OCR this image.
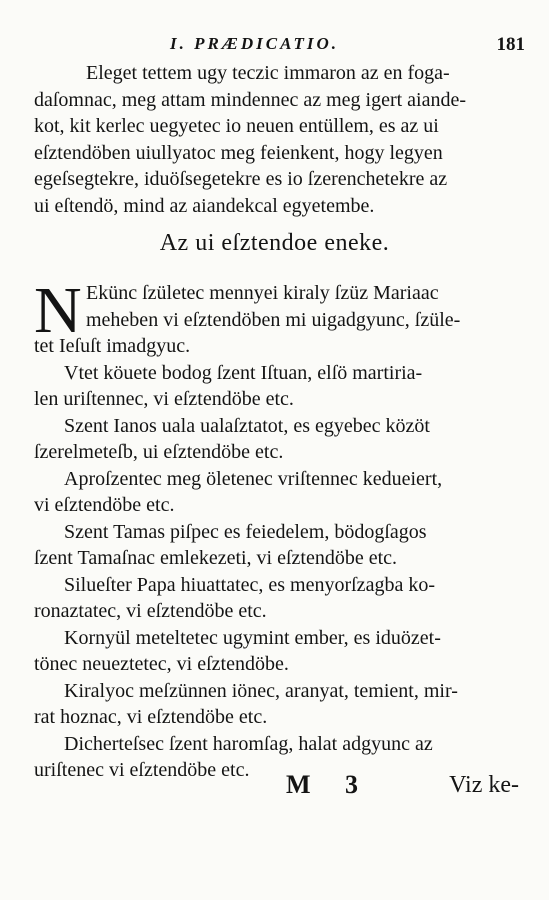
I. PRÆDICATIO.	181
Eleget tettem ugy teczic immaron az en foga-
daſomnac, meg attam mindennec az meg igert aiande-
kot, kit kerlec uegyetec io neuen entüllem, es az ui
eſztendöben uiullyatoc meg feienkent, hogy legyen
egeſsegtekre, iduöſsegetekre es io ſzerenchetekre az
ui eſtendö, mind az aiandekcal egyetembe.
Az ui eſztendoe eneke.
N Ekünc ſzületec mennyei kiraly ſzüz Mariaac
meheben vi eſztendöben mi uigadgyunc, ſzüle-
tet Ieſuſt imadgyuc.
Vtet köuete bodog ſzent Iſtuan, elſö martiria-
len uriſtennec, vi eſztendöbe etc.
Szent Ianos uala ualaſztatot, es egyebec közöt
ſzerelmeteſb, ui eſztendöbe etc.
Aproſzentec meg öletenec vriſtennec kedueiert,
vi eſztendöbe etc.
Szent Tamas piſpec es feiedelem, bödogſagos
ſzent Tamaſnac emlekezeti, vi eſztendöbe etc.
Silueſter Papa hiuattatec, es menyorſzagba ko-
ronaztatec, vi eſztendöbe etc.
Kornyül meteltetec ugymint ember, es iduözet-
tönec neueztetec, vi eſztendöbe.
Kiralyoc meſzünnen iönec, aranyat, temient, mir-
rat hoznac, vi eſztendöbe etc.
Dicherteſsec ſzent haromſag, halat adgyunc az
uriſtenec vi eſztendöbe etc.	M 3	Viz ke-
